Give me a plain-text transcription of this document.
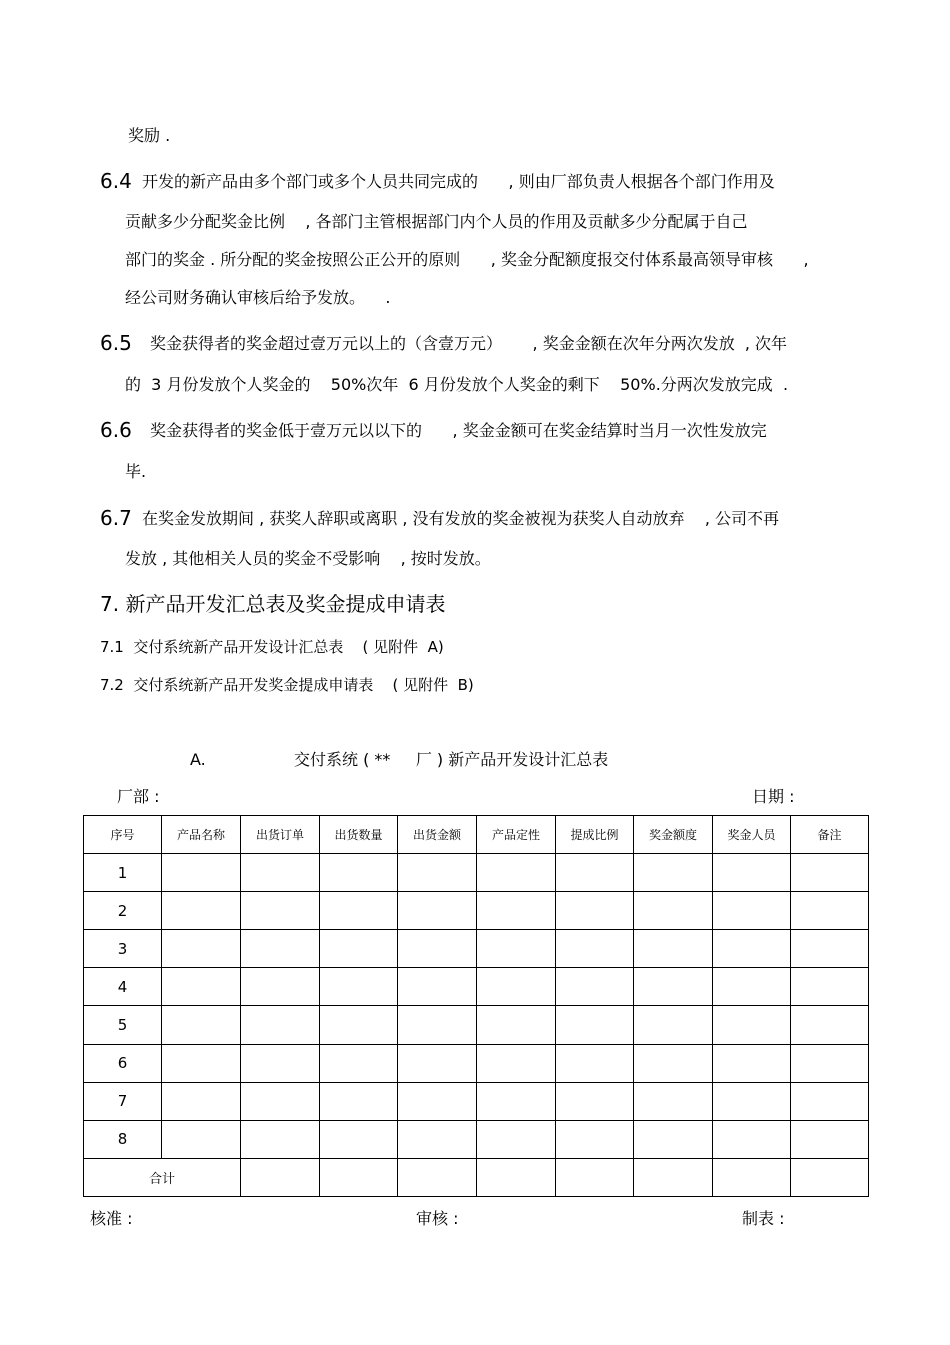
奖励 .
6.4 开发的新产品由多个部门或多个人员共同完成的      , 则由厂部负责人根据各个部门作用及
贡献多少分配奖金比例    , 各部门主管根据部门内个人员的作用及贡献多少分配属于自己
部门的奖金 . 所分配的奖金按照公正公开的原则      , 奖金分配额度报交付体系最高领导审核      ,
经公司财务确认审核后给予发放。    .
6.5 奖金获得者的奖金超过壹万元以上的（含壹万元）      , 奖金金额在次年分两次发放  , 次年
的  3 月份发放个人奖金的    50%次年  6 月份发放个人奖金的剩下    50%.分两次发放完成  .
6.6 奖金获得者的奖金低于壹万元以以下的      , 奖金金额可在奖金结算时当月一次性发放完
毕.
6.7 在奖金发放期间 , 获奖人辞职或离职 , 没有发放的奖金被视为获奖人自动放弃    , 公司不再
发放 , 其他相关人员的奖金不受影响    , 按时发放。
7. 新产品开发汇总表及奖金提成申请表
7.1  交付系统新产品开发设计汇总表    ( 见附件  A)
7.2  交付系统新产品开发奖金提成申请表    ( 见附件  B)
A.	交付系统 ( **     厂 ) 新产品开发设计汇总表
厂部 :	日期 :
序号	产品名称	出货订单	出货数量	出货金额	产品定性	提成比例	奖金额度	奖金人员	备注
1									
2									
3									
4									
5									
6									
7									
8									
合计									
核准 :	审核 :	制表 :
